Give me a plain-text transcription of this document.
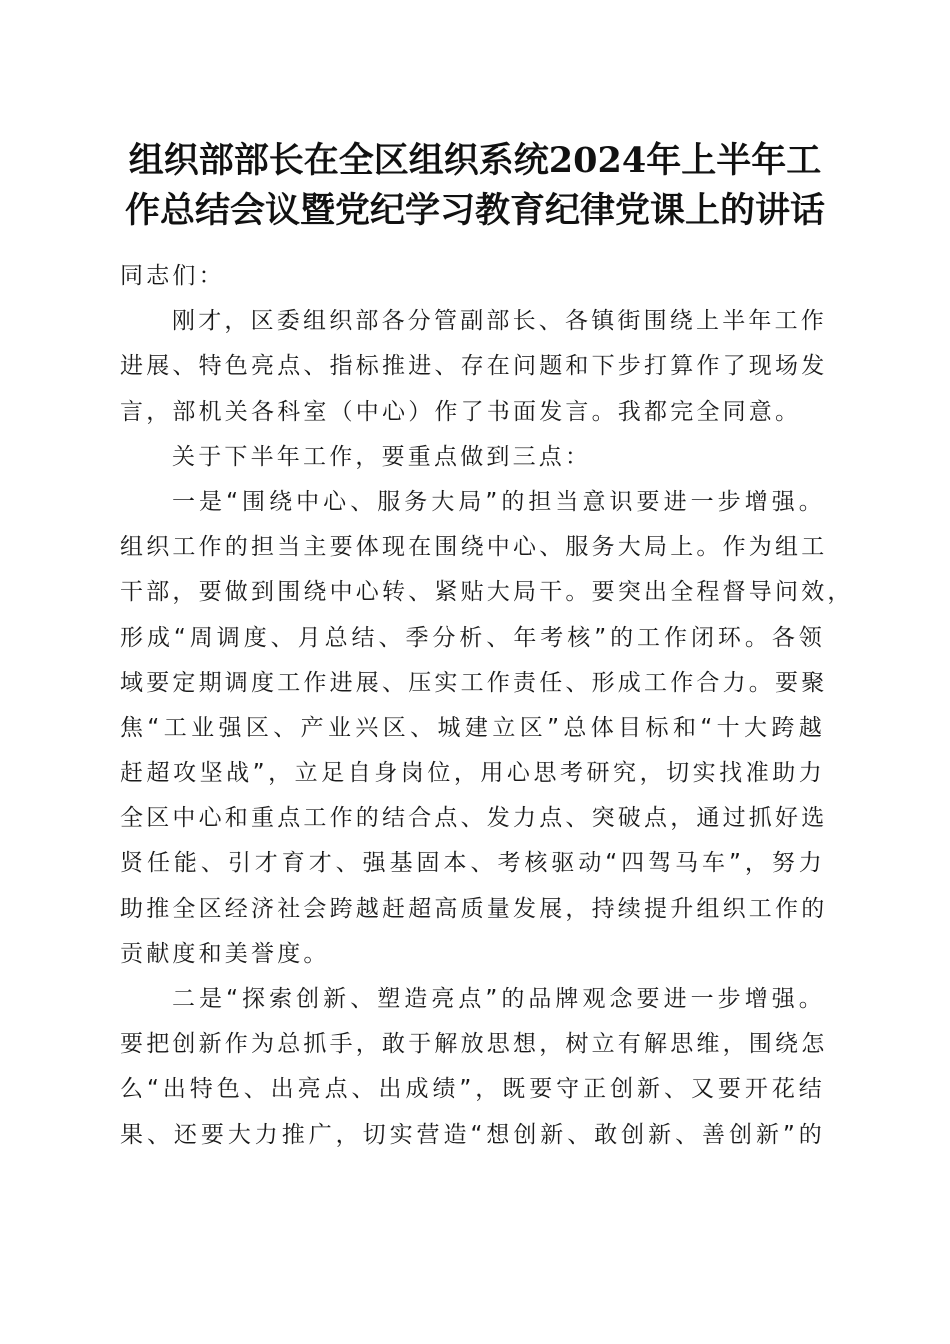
组织部部长在全区组织系统2024年上半年工
作总结会议暨党纪学习教育纪律党课上的讲话
同志们：
刚才，区委组织部各分管副部长、各镇街围绕上半年工作
进展、特色亮点、指标推进、存在问题和下步打算作了现场发
言，部机关各科室（中心）作了书面发言。我都完全同意。
关于下半年工作，要重点做到三点：
一是“围绕中心、服务大局”的担当意识要进一步增强。
组织工作的担当主要体现在围绕中心、服务大局上。作为组工
干部，要做到围绕中心转、紧贴大局干。要突出全程督导问效，
形成“周调度、月总结、季分析、年考核”的工作闭环。各领
域要定期调度工作进展、压实工作责任、形成工作合力。要聚
焦“工业强区、产业兴区、城建立区”总体目标和“十大跨越
赶超攻坚战”，立足自身岗位，用心思考研究，切实找准助力
全区中心和重点工作的结合点、发力点、突破点，通过抓好选
贤任能、引才育才、强基固本、考核驱动“四驾马车”，努力
助推全区经济社会跨越赶超高质量发展，持续提升组织工作的
贡献度和美誉度。
二是“探索创新、塑造亮点”的品牌观念要进一步增强。
要把创新作为总抓手，敢于解放思想，树立有解思维，围绕怎
么“出特色、出亮点、出成绩”，既要守正创新、又要开花结
果、还要大力推广，切实营造“想创新、敢创新、善创新”的
